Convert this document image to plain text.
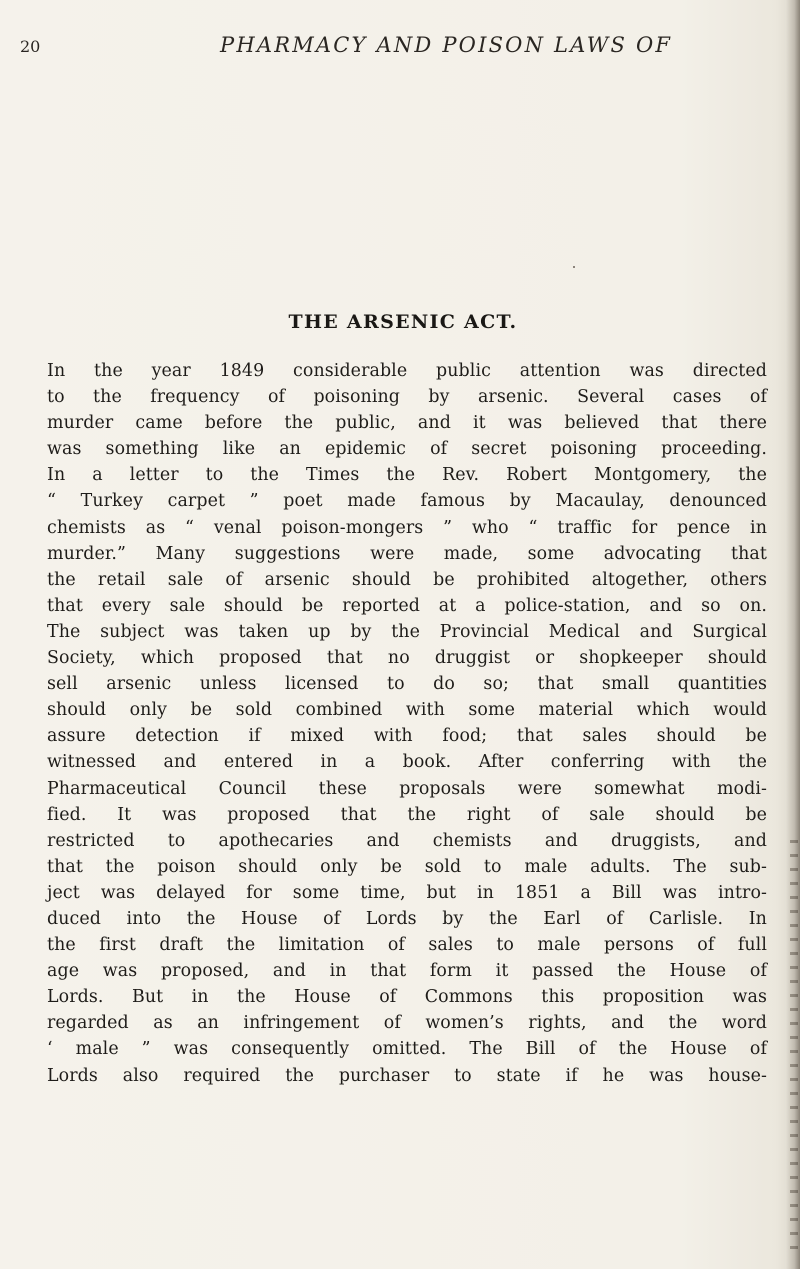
20	PHARMACY AND POISON LAWS OF
THE ARSENIC ACT.
In the year 1849 considerable public attention was directed
to the frequency of poisoning by arsenic. Several cases of
murder came before the public, and it was believed that there
was something like an epidemic of secret poisoning proceeding.
In a letter to the Times the Rev. Robert Montgomery, the
“ Turkey carpet ” poet made famous by Macaulay, denounced
chemists as “ venal poison-mongers ” who “ traffic for pence in
murder.” Many suggestions were made, some advocating that
the retail sale of arsenic should be prohibited altogether, others
that every sale should be reported at a police-station, and so on.
The subject was taken up by the Provincial Medical and Surgical
Society, which proposed that no druggist or shopkeeper should
sell arsenic unless licensed to do so; that small quantities
should only be sold combined with some material which would
assure detection if mixed with food; that sales should be
witnessed and entered in a book. After conferring with the
Pharmaceutical Council these proposals were somewhat modi-
fied. It was proposed that the right of sale should be
restricted to apothecaries and chemists and druggists, and
that the poison should only be sold to male adults. The sub-
ject was delayed for some time, but in 1851 a Bill was intro-
duced into the House of Lords by the Earl of Carlisle. In
the first draft the limitation of sales to male persons of full
age was proposed, and in that form it passed the House of
Lords. But in the House of Commons this proposition was
regarded as an infringement of women’s rights, and the word
‘ male ” was consequently omitted. The Bill of the House of
Lords also required the purchaser to state if he was house-
